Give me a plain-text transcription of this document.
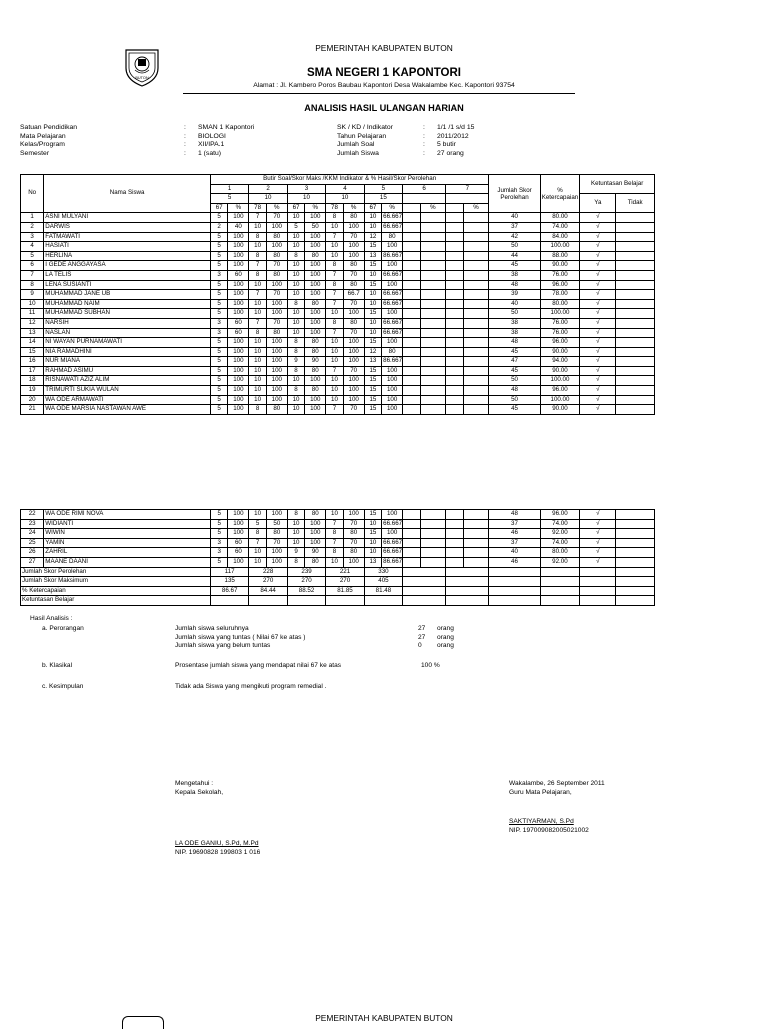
PEMERINTAH KABUPATEN BUTON
BUTON	SMA NEGERI 1 KAPONTORI
Alamat : Jl. Kambero Poros Baubau Kapontori Desa Wakalambe Kec. Kapontori 93754
ANALISIS HASIL ULANGAN HARIAN
Satuan Pendidikan	:	SMAN 1 Kapontori
Mata Pelajaran	:	BIOLOGI
Kelas/Program	:	XII/IPA.1
Semester	:	1 (satu)
SK / KD / Indikator	:	1/1 /1 s/d 15
Tahun Pelajaran	:	2011/2012
Jumlah Soal	:	5 butir
Jumlah Siswa	:	27 orang
No	Nama Siswa	Butir Soal/Skor Maks /KKM Indikator & % Hasil/Skor Perolehan														Jumlah Skor Perolehan	% Ketercapaian	Ketuntasan Belajar	
		1		2		3		4		5		6		7					
		5		10		10		10		15								Ya	Tidak
		67	%	78	%	67	%	78	%	67	%		%		%				
1	ASNI MULYANI	5	100	7	70	10	100	8	80	10	66.667					40	80.00	√	
2	DARWIS	2	40	10	100	5	50	10	100	10	66.667					37	74.00	√	
3	FATMAWATI	5	100	8	80	10	100	7	70	12	80					42	84.00	√	
4	HASIATI	5	100	10	100	10	100	10	100	15	100					50	100.00	√	
5	HERLINA	5	100	8	80	8	80	10	100	13	86.667					44	88.00	√	
6	I GEDE ANGGAYASA	5	100	7	70	10	100	8	80	15	100					45	90.00	√	
7	LA TELIS	3	60	8	80	10	100	7	70	10	66.667					38	76.00	√	
8	LENA SUSIANTI	5	100	10	100	10	100	8	80	15	100					48	96.00	√	
9	MUHAMMAD JANE UB	5	100	7	70	10	100	7	66.7	10	66.667					39	78.00	√	
10	MUHAMMAD NAIM	5	100	10	100	8	80	7	70	10	66.667					40	80.00	√	
11	MUHAMMAD SUBHAN	5	100	10	100	10	100	10	100	15	100					50	100.00	√	
12	NARSIH	3	60	7	70	10	100	8	80	10	66.667					38	76.00	√	
13	NASLAN	3	60	8	80	10	100	7	70	10	66.667					38	76.00	√	
14	NI WAYAN PURNAMAWATI	5	100	10	100	8	80	10	100	15	100					48	96.00	√	
15	NIA RAMADHINI	5	100	10	100	8	80	10	100	12	80					45	90.00	√	
16	NUR MIANA	5	100	10	100	9	90	10	100	13	86.667					47	94.00	√	
17	RAHMAD ASIMU	5	100	10	100	8	80	7	70	15	100					45	90.00	√	
18	RISNAWATI AZIZ ALIM	5	100	10	100	10	100	10	100	15	100					50	100.00	√	
19	TRIMURTI SUKIA WULAN	5	100	10	100	8	80	10	100	15	100					48	96.00	√	
20	WA ODE ARMAWATI	5	100	10	100	10	100	10	100	15	100					50	100.00	√	
21	WA ODE MARSIA NASTAWAN AWE	5	100	8	80	10	100	7	70	15	100					45	90.00	√	
22	WA ODE RIMI NOVA	5	100	10	100	8	80	10	100	15	100					48	96.00	√	
23	WIDIANTI	5	100	5	50	10	100	7	70	10	66.667					37	74.00	√	
24	WIWIN	5	100	8	80	10	100	8	80	15	100					46	92.00	√	
25	YAMIN	3	60	7	70	10	100	7	70	10	66.667					37	74.00	√	
26	ZAHRIL	3	60	10	100	9	90	8	80	10	66.667					40	80.00	√	
27	MAANE DAANI	5	100	10	100	8	80	10	100	13	86.667					46	92.00	√	
Jumlah Skor Perolehan		117		228		239		221		330									
Jumlah Skor Maksimum		135		270		270		270		405									
% Ketercapaian		86.67		84.44		88.52		81.85		81.48									
Ketuntasan Belajar																			
Hasil Analisis :
a. Perorangan	Jumlah siswa seluruhnya	27 orang
Jumlah siswa yang tuntas ( Nilai 67 ke atas )	27 orang
Jumlah siswa yang belum tuntas	0 orang
b. Klasikal	Prosentase jumlah siswa yang mendapat nilai 67 ke atas	100 %
c. Kesimpulan	Tidak ada Siswa yang mengikuti program remedial .
Mengetahui :
Kepala Sekolah,
LA ODE GANIU, S.Pd, M.Pd
NIP. 19690828 199803 1 016
Wakalambe, 26 September 2011
Guru Mata Pelajaran,
SAKTIYARMAN, S.Pd
NIP. 197009082005021002
PEMERINTAH KABUPATEN BUTON
